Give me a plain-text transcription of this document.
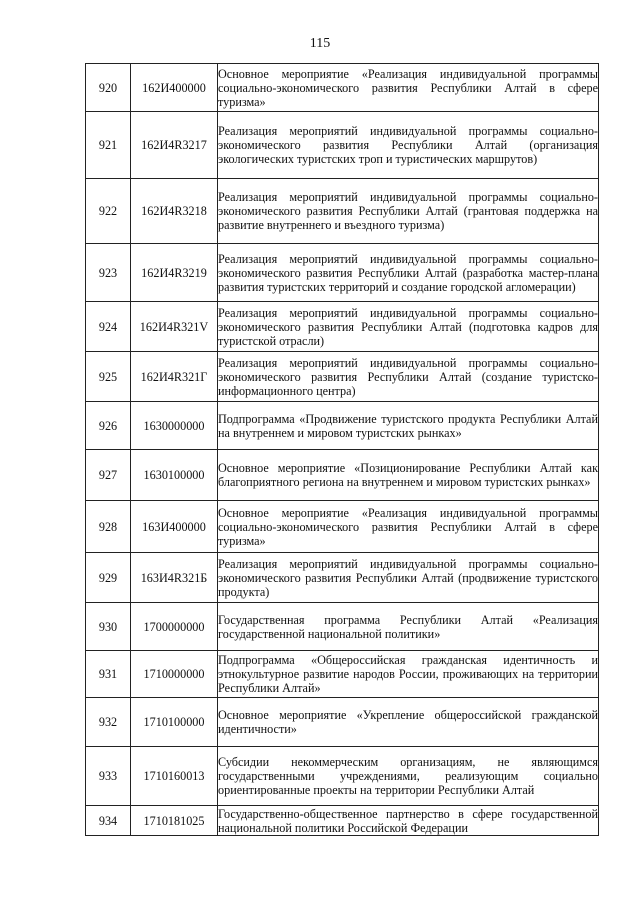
115
920	162И400000	Основное мероприятие «Реализация индивидуальной программы социально-экономического развития Республики Алтай в сфере туризма»
921	162И4R3217	Реализация мероприятий индивидуальной программы социально-экономического развития Республики Алтай (организация экологических туристских троп и туристических маршрутов)
922	162И4R3218	Реализация мероприятий индивидуальной программы социально-экономического развития Республики Алтай (грантовая поддержка на развитие внутреннего и въездного туризма)
923	162И4R3219	Реализация мероприятий индивидуальной программы социально-экономического развития Республики Алтай (разработка мастер-плана развития туристских территорий и создание городской агломерации)
924	162И4R321V	Реализация мероприятий индивидуальной программы социально-экономического развития Республики Алтай (подготовка кадров для туристской отрасли)
925	162И4R321Г	Реализация мероприятий индивидуальной программы социально-экономического развития Республики Алтай (создание туристско-информационного центра)
926	1630000000	Подпрограмма «Продвижение туристского продукта Республики Алтай на внутреннем и мировом туристских рынках»
927	1630100000	Основное мероприятие «Позиционирование Республики Алтай как благоприятного региона на внутреннем и мировом туристских рынках»
928	163И400000	Основное мероприятие «Реализация индивидуальной программы социально-экономического развития Республики Алтай в сфере туризма»
929	163И4R321Б	Реализация мероприятий индивидуальной программы социально-экономического развития Республики Алтай (продвижение туристского продукта)
930	1700000000	Государственная программа Республики Алтай «Реализация государственной национальной политики»
931	1710000000	Подпрограмма «Общероссийская гражданская идентичность и этнокультурное развитие народов России, проживающих на территории Республики Алтай»
932	1710100000	Основное мероприятие «Укрепление общероссийской гражданской идентичности»
933	1710160013	Субсидии некоммерческим организациям, не являющимся государственными учреждениями, реализующим социально ориентированные проекты на территории Республики Алтай
934	1710181025	Государственно-общественное партнерство в сфере государственной национальной политики Российской Федерации
